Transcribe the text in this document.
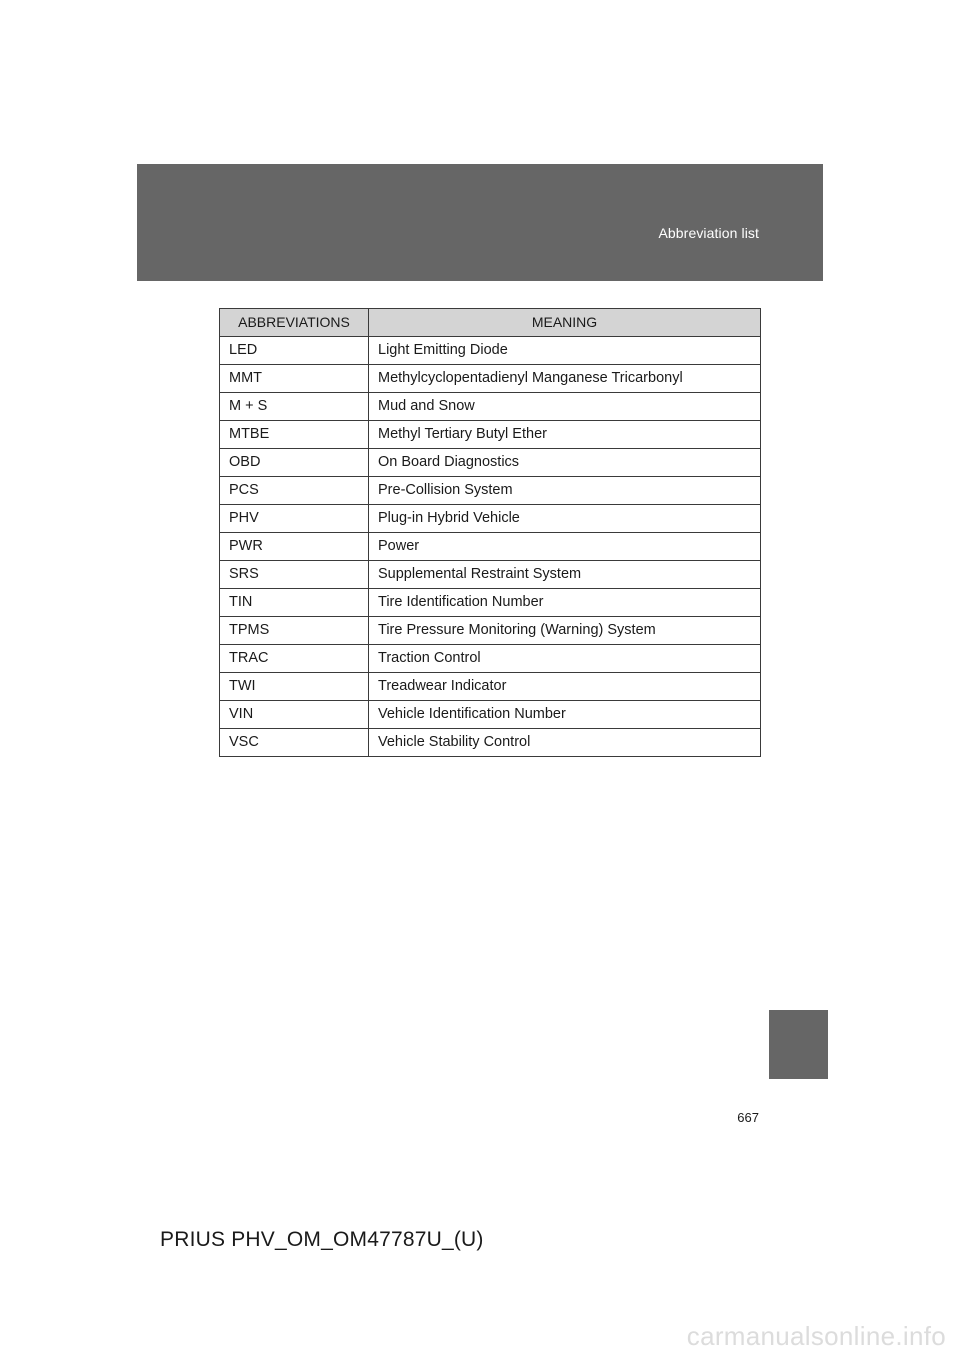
Abbreviation list
ABBREVIATIONS	MEANING
LED	Light Emitting Diode
MMT	Methylcyclopentadienyl Manganese Tricarbonyl
M + S	Mud and Snow
MTBE	Methyl Tertiary Butyl Ether
OBD	On Board Diagnostics
PCS	Pre-Collision System
PHV	Plug-in Hybrid Vehicle
PWR	Power
SRS	Supplemental Restraint System
TIN	Tire Identification Number
TPMS	Tire Pressure Monitoring (Warning) System
TRAC	Traction Control
TWI	Treadwear Indicator
VIN	Vehicle Identification Number
VSC	Vehicle Stability Control
667
PRIUS PHV_OM_OM47787U_(U)
carmanualsonline.info
